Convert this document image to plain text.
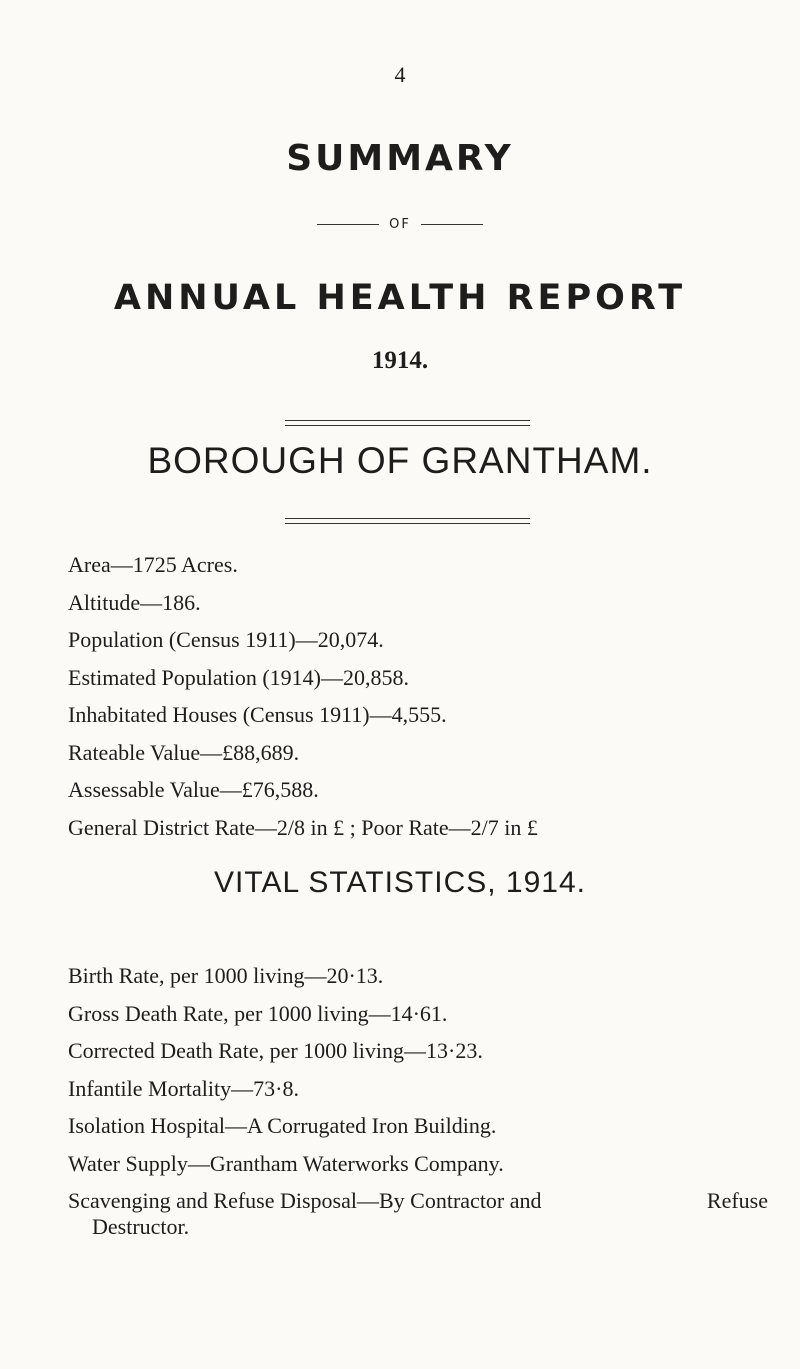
4
SUMMARY
OF
ANNUAL HEALTH REPORT
1914.
BOROUGH OF GRANTHAM.
Area—1725 Acres.
Altitude—186.
Population (Census 1911)—20,074.
Estimated Population (1914)—20,858.
Inhabitated Houses (Census 1911)—4,555.
Rateable Value—£88,689.
Assessable Value—£76,588.
General District Rate—2/8 in £ ; Poor Rate—2/7 in £
VITAL STATISTICS, 1914.
Birth Rate, per 1000 living—20·13.
Gross Death Rate, per 1000 living—14·61.
Corrected Death Rate, per 1000 living—13·23.
Infantile Mortality—73·8.
Isolation Hospital—A Corrugated Iron Building.
Water Supply—Grantham Waterworks Company.
Scavenging and Refuse Disposal—By Contractor and	Refuse
Destructor.
